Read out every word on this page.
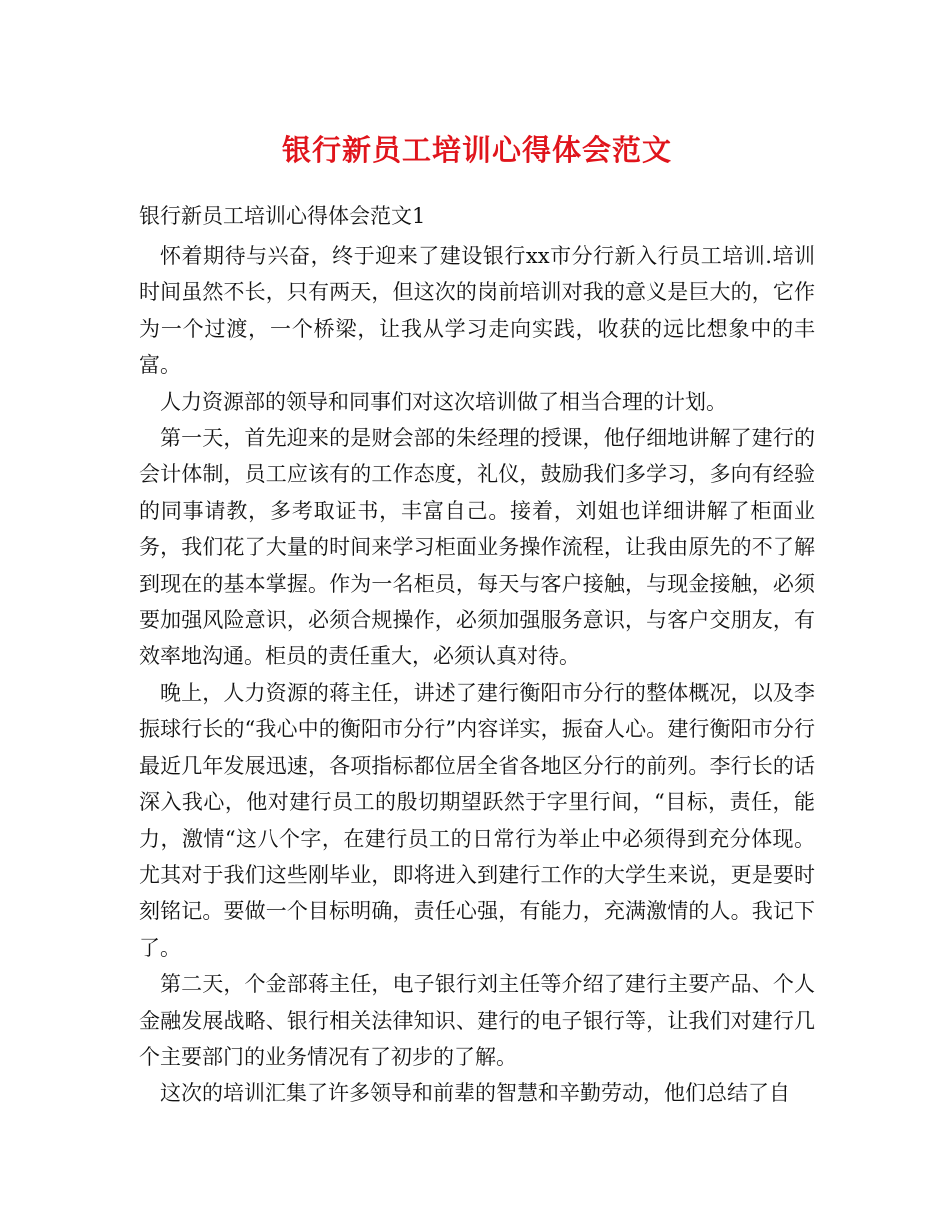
银行新员工培训心得体会范文

银行新员工培训心得体会范文1

怀着期待与兴奋，终于迎来了建设银行xx市分行新入行员工培训.培训时间虽然不长，只有两天，但这次的岗前培训对我的意义是巨大的，它作为一个过渡，一个桥梁，让我从学习走向实践，收获的远比想象中的丰富。

人力资源部的领导和同事们对这次培训做了相当合理的计划。

第一天，首先迎来的是财会部的朱经理的授课，他仔细地讲解了建行的会计体制，员工应该有的工作态度，礼仪，鼓励我们多学习，多向有经验的同事请教，多考取证书，丰富自己。接着，刘姐也详细讲解了柜面业务，我们花了大量的时间来学习柜面业务操作流程，让我由原先的不了解到现在的基本掌握。作为一名柜员，每天与客户接触，与现金接触，必须要加强风险意识，必须合规操作，必须加强服务意识，与客户交朋友，有效率地沟通。柜员的责任重大，必须认真对待。

晚上，人力资源的蒋主任，讲述了建行衡阳市分行的整体概况，以及李振球行长的“我心中的衡阳市分行”内容详实，振奋人心。建行衡阳市分行最近几年发展迅速，各项指标都位居全省各地区分行的前列。李行长的话深入我心，他对建行员工的殷切期望跃然于字里行间，“目标，责任，能力，激情“这八个字，在建行员工的日常行为举止中必须得到充分体现。尤其对于我们这些刚毕业，即将进入到建行工作的大学生来说，更是要时刻铭记。要做一个目标明确，责任心强，有能力，充满激情的人。我记下了。

第二天，个金部蒋主任，电子银行刘主任等介绍了建行主要产品、个人金融发展战略、银行相关法律知识、建行的电子银行等，让我们对建行几个主要部门的业务情况有了初步的了解。

这次的培训汇集了许多领导和前辈的智慧和辛勤劳动，他们总结了自
